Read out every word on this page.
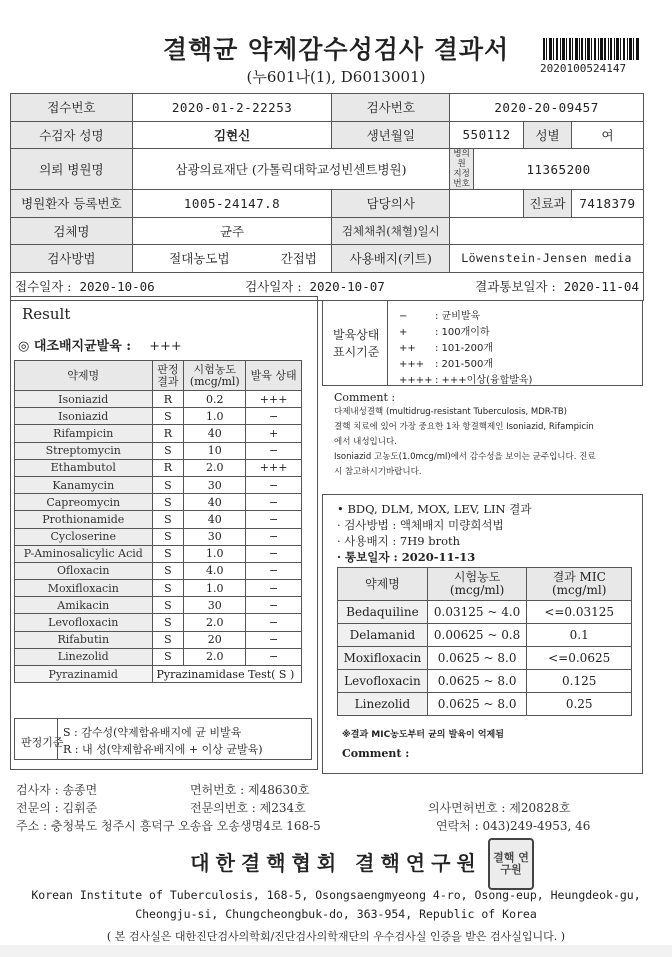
결핵균 약제감수성검사 결과서
(누601나(1), D6013001)	2020100524147
접수번호	2020-01-2-22253		검사번호	2020-20-09457			
수검자 성명	김현신		생년월일	550112		성별	여
의뢰 병원명	삼광의료재단 (가톨릭대학교성빈센트병원)			병의원 지정번호	11365200		
병원환자 등록번호	1005-24147.8		담당의사			진료과	7418379
검체명	균주		검체채취(채혈)일시				
검사방법	절대농도법	간접법	사용배지(키트)	Löwenstein-Jensen media			

접수일자 : 2020-10-06 검사일자 : 2020-10-07 결과통보일자 : 2020-11-04							
Result
◎ 대조배지균발육 : +++
약제명	판정 결과	시험농도 (mcg/ml)	발육 상태
Isoniazid	R	0.2	+++
Isoniazid	S	1.0	−
Rifampicin	R	40	+
Streptomycin	S	10	−
Ethambutol	R	2.0	+++
Kanamycin	S	30	−
Capreomycin	S	40	−
Prothionamide	S	40	−
Cycloserine	S	30	−
P-Aminosalicylic Acid	S	1.0	−
Ofloxacin	S	4.0	−
Moxifloxacin	S	1.0	−
Amikacin	S	30	−
Levofloxacin	S	2.0	−
Rifabutin	S	20	−
Linezolid	S	2.0	−
Pyrazinamid	Pyrazinamidase Test( S )		
판정기준
S : 감수성(약제함유배지에 균 비발육
R : 내 성(약제함유배지에 + 이상 균발육)
발육상태
표시기준
−	: 균비발육
+	: 100개이하
++ : 101-200개
+++ : 201-500개
++++ : +++이상(융합발육)
Comment :
다제내성결핵 (multidrug-resistant Tuberculosis, MDR-TB)
결핵 치료에 있어 가장 중요한 1차 항결핵제인 Isoniazid, Rifampicin
에서 내성입니다.
Isoniazid 고농도(1.0mcg/ml)에서 감수성을 보이는 균주입니다. 진료
시 참고하시기바랍니다.
• BDQ, DLM, MOX, LEV, LIN 결과
· 검사방법 : 액체배지 미량희석법
· 사용배지 : 7H9 broth
· 통보일자 : 2020-11-13
약제명	시험농도 (mcg/ml)	결과 MIC (mcg/ml)
Bedaquiline	0.03125 ~ 4.0	<=0.03125
Delamanid	0.00625 ~ 0.8	0.1
Moxifloxacin	0.0625 ~ 8.0	<=0.0625
Levofloxacin	0.0625 ~ 8.0	0.125
Linezolid	0.0625 ~ 8.0	0.25
※결과 MIC농도부터 균의 발육이 억제됨
Comment :
검사자 : 송종면	면허번호 : 제48630호
전문의 : 김휘준	전문의번호 : 제234호	의사면허번호 : 제20828호
주소 : 충청북도 청주시 흥덕구 오송읍 오송생명4로 168-5	연락처 : 043)249-4953, 46
대한결핵협회 결핵연구원	결핵 연구원
Korean Institute of Tuberculosis, 168-5, Osongsaengmyeong 4-ro, Osong-eup, Heungdeok-gu,
Cheongju-si, Chungcheongbuk-do, 363-954, Republic of Korea
( 본 검사실은 대한진단검사의학회/진단검사의학재단의 우수검사실 인증을 받은 검사실입니다. )
